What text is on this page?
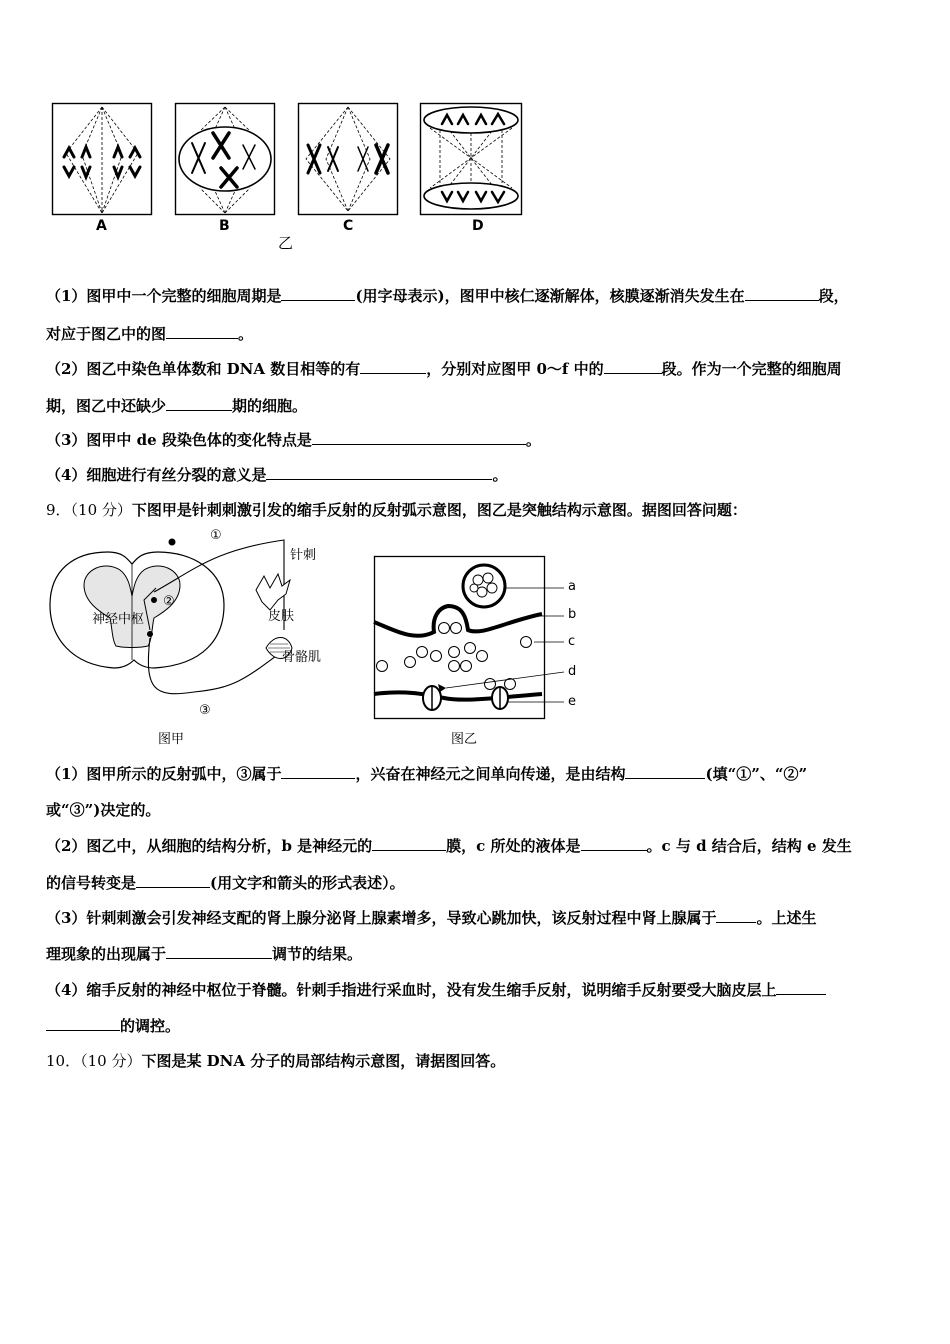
A	B	C	D
乙
（1）图甲中一个完整的细胞周期是	(用字母表示)，图甲中核仁逐渐解体，核膜逐渐消失发生在	段，
对应于图乙中的图	。
（2）图乙中染色单体数和 DNA 数目相等的有	，分别对应图甲 0～f 中的	段。作为一个完整的细胞周
期，图乙中还缺少	期的细胞。
（3）图甲中 de 段染色体的变化特点是	。
（4）细胞进行有丝分裂的意义是	。
9．（10 分）下图甲是针刺刺激引发的缩手反射的反射弧示意图，图乙是突触结构示意图。据图回答问题：
①
②
③
针刺
皮肤
骨骼肌
神经中枢
图甲
a
b
c
d
e
图乙
（1）图甲所示的反射弧中，③属于	，兴奋在神经元之间单向传递，是由结构	(填“①”、“②”
或“③”)决定的。
（2）图乙中，从细胞的结构分析，b 是神经元的	膜，c 所处的液体是	。c 与 d 结合后，结构 e 发生
的信号转变是	(用文字和箭头的形式表述）。
（3）针刺刺激会引发神经支配的肾上腺分泌肾上腺素增多，导致心跳加快，该反射过程中肾上腺属于	。上述生
理现象的出现属于	调节的结果。
（4）缩手反射的神经中枢位于脊髓。针刺手指进行采血时，没有发生缩手反射，说明缩手反射要受大脑皮层上
的调控。
10．（10 分）下图是某 DNA 分子的局部结构示意图，请据图回答。
